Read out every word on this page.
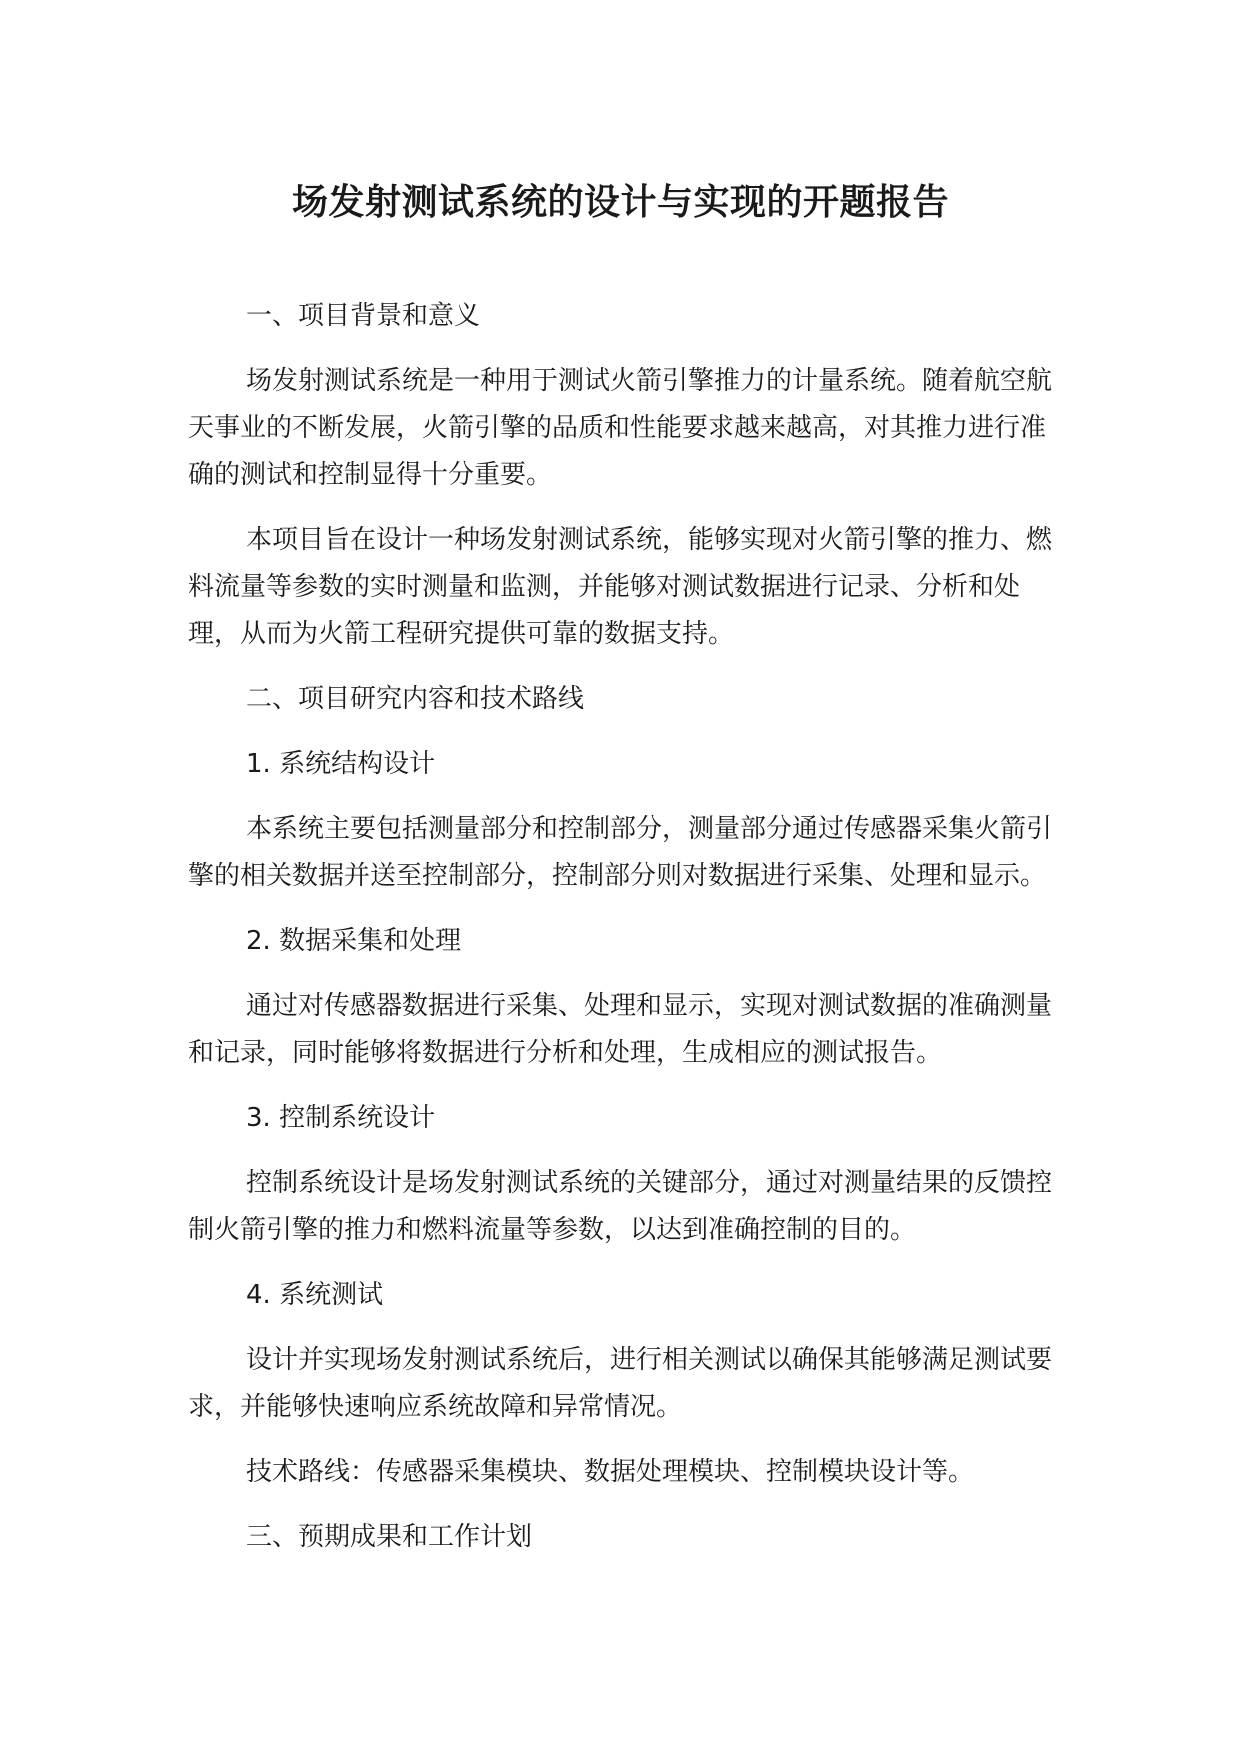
场发射测试系统的设计与实现的开题报告

一、项目背景和意义

场发射测试系统是一种用于测试火箭引擎推力的计量系统。随着航空航天事业的不断发展，火箭引擎的品质和性能要求越来越高，对其推力进行准确的测试和控制显得十分重要。

本项目旨在设计一种场发射测试系统，能够实现对火箭引擎的推力、燃料流量等参数的实时测量和监测，并能够对测试数据进行记录、分析和处理，从而为火箭工程研究提供可靠的数据支持。

二、项目研究内容和技术路线

1. 系统结构设计

本系统主要包括测量部分和控制部分，测量部分通过传感器采集火箭引擎的相关数据并送至控制部分，控制部分则对数据进行采集、处理和显示。

2. 数据采集和处理

通过对传感器数据进行采集、处理和显示，实现对测试数据的准确测量和记录，同时能够将数据进行分析和处理，生成相应的测试报告。

3. 控制系统设计

控制系统设计是场发射测试系统的关键部分，通过对测量结果的反馈控制火箭引擎的推力和燃料流量等参数，以达到准确控制的目的。

4. 系统测试

设计并实现场发射测试系统后，进行相关测试以确保其能够满足测试要求，并能够快速响应系统故障和异常情况。

技术路线：传感器采集模块、数据处理模块、控制模块设计等。

三、预期成果和工作计划
